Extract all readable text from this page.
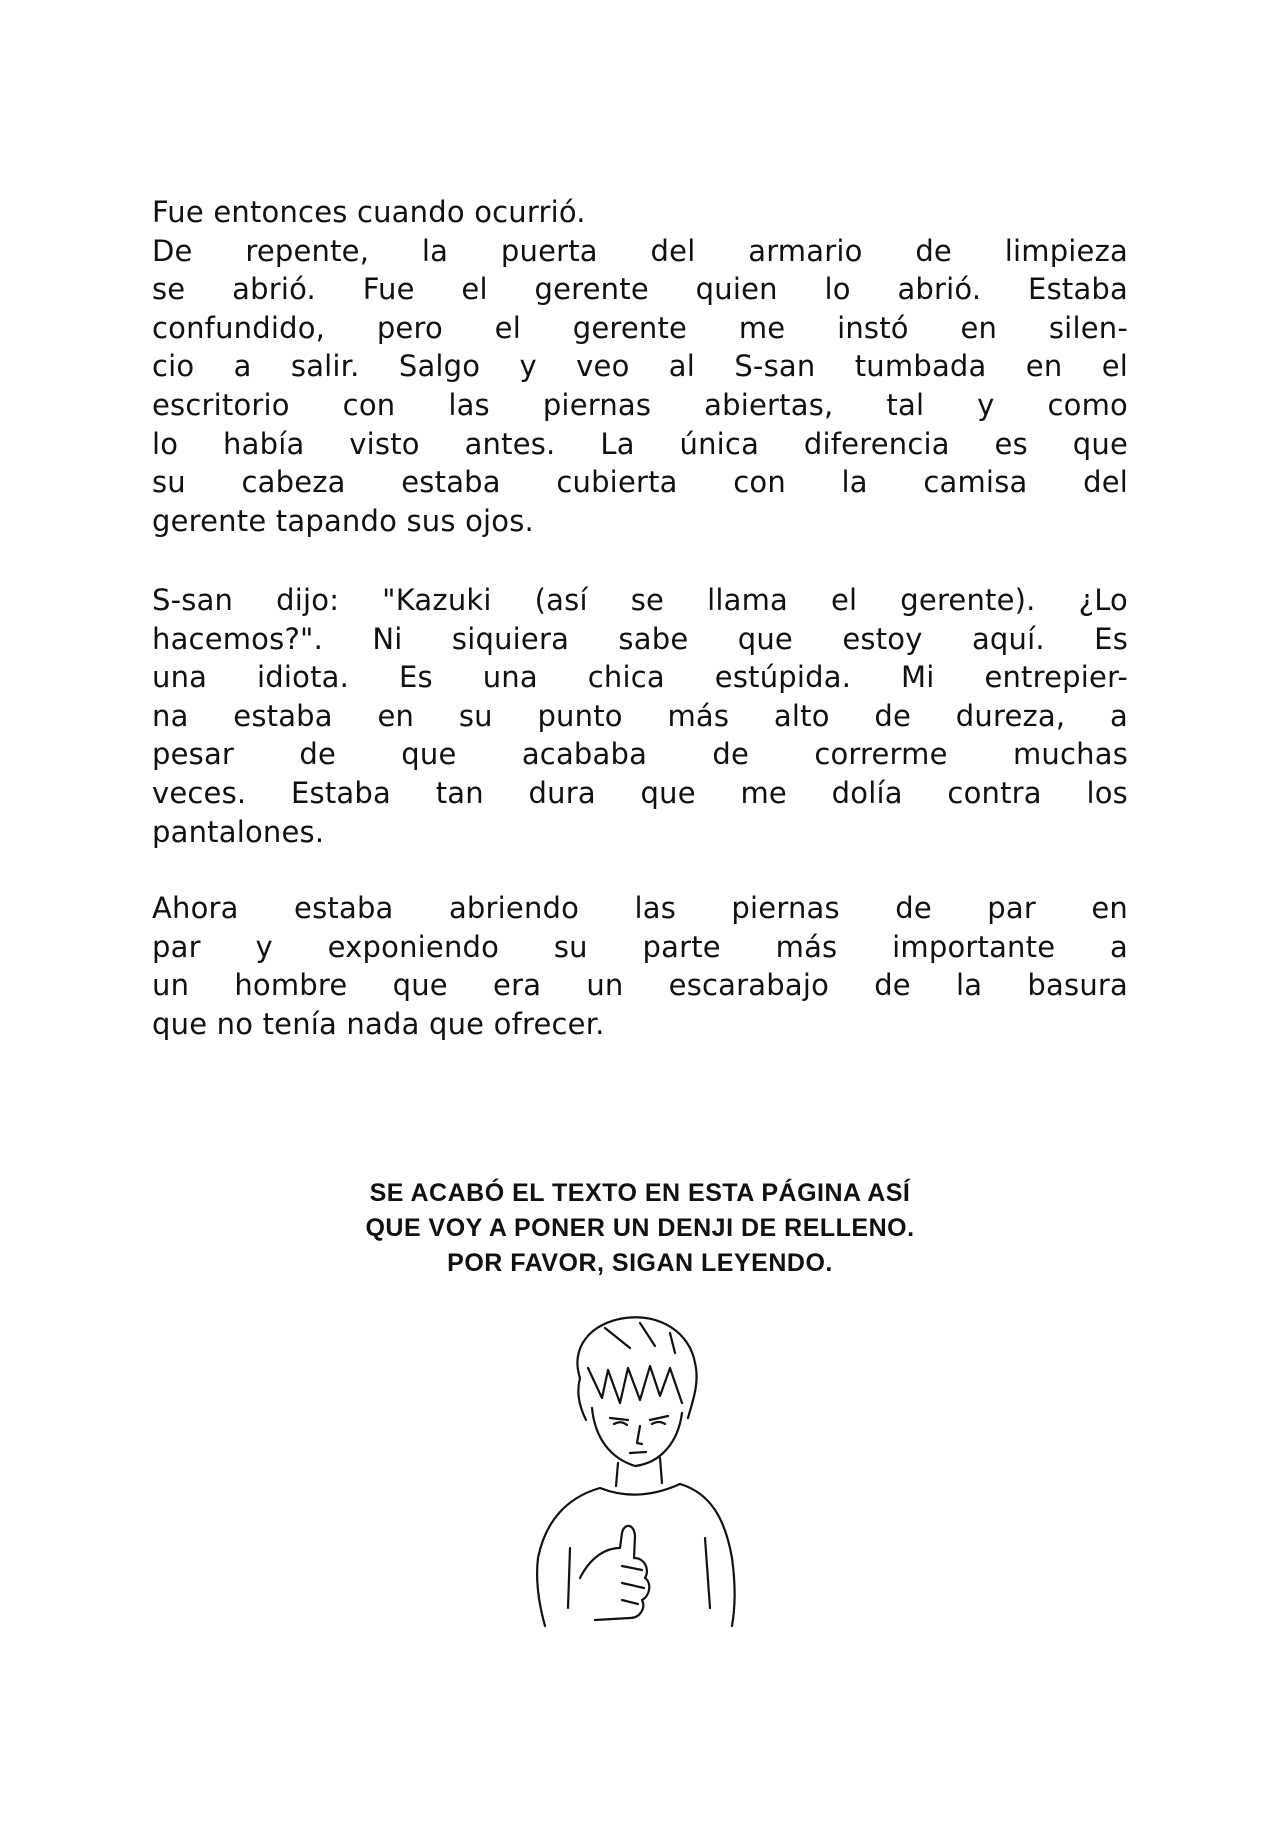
Fue entonces cuando ocurrió.
De repente, la puerta del armario de limpieza
se abrió. Fue el gerente quien lo abrió. Estaba
confundido, pero el gerente me instó en silen-
cio a salir. Salgo y veo al S-san tumbada en el
escritorio con las piernas abiertas, tal y como
lo había visto antes. La única diferencia es que
su cabeza estaba cubierta con la camisa del
gerente tapando sus ojos.
S-san dijo: "Kazuki (así se llama el gerente). ¿Lo
hacemos?". Ni siquiera sabe que estoy aquí. Es
una idiota. Es una chica estúpida. Mi entrepier-
na estaba en su punto más alto de dureza, a
pesar de que acababa de correrme muchas
veces. Estaba tan dura que me dolía contra los
pantalones.
Ahora estaba abriendo las piernas de par en
par y exponiendo su parte más importante a
un hombre que era un escarabajo de la basura
que no tenía nada que ofrecer.
SE ACABÓ EL TEXTO EN ESTA PÁGINA ASÍ
QUE VOY A PONER UN DENJI DE RELLENO.
POR FAVOR, SIGAN LEYENDO.
